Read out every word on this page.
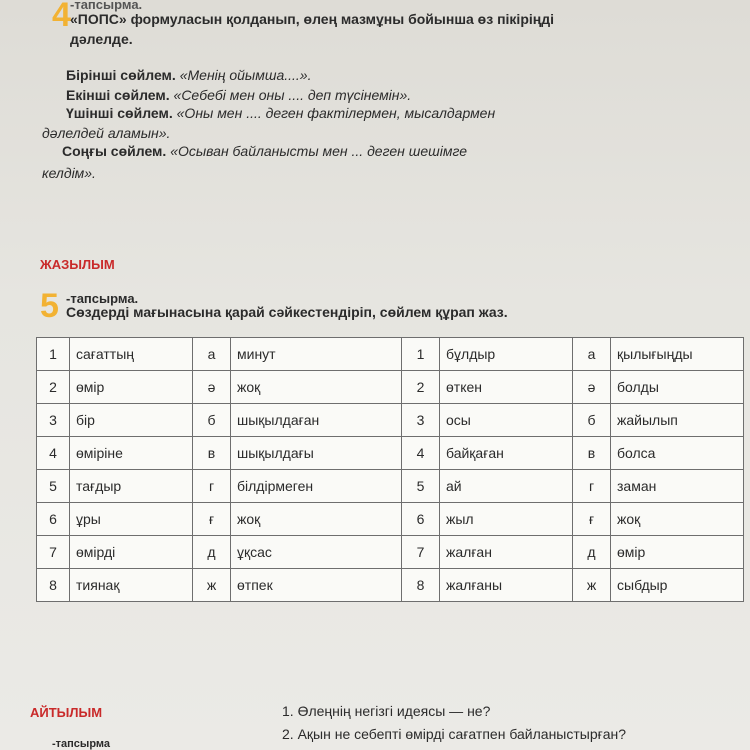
4 -тапсырма.
«ПОПС» формуласын қолданып, өлең мазмұны бойынша өз пікіріңді
дәлелде.
Бірінші сөйлем. «Менің ойымша....».
Екінші сөйлем. «Себебі мен оны .... деп түсінемін».
Үшінші сөйлем. «Оны мен .... деген фактілермен, мысалдармен
дәлелдей аламын».
Соңғы сөйлем. «Осыван байланысты мен ... деген шешімге
келдім».
ЖАЗЫЛЫМ
5 -тапсырма.
Сөздерді мағынасына қарай сәйкестендіріп, сөйлем құрап жаз.
1	сағаттың	а	минут	1	бұлдыр	а	қылығыңды
2	өмір	ә	жоқ	2	өткен	ә	болды
3	бір	б	шықылдаған	3	осы	б	жайылып
4	өміріне	в	шықылдағы	4	байқаған	в	болса
5	тағдыр	г	білдірмеген	5	ай	г	заман
6	ұры	ғ	жоқ	6	жыл	ғ	жоқ
7	өмірді	д	ұқсас	7	жалған	д	өмір
8	тиянақ	ж	өтпек	8	жалғаны	ж	сыбдыр
АЙТЫЛЫМ
-тапсырма
1. Өлеңнің негізгі идеясы — не?
2. Ақын не себепті өмірді сағатпен байланыстырған?
